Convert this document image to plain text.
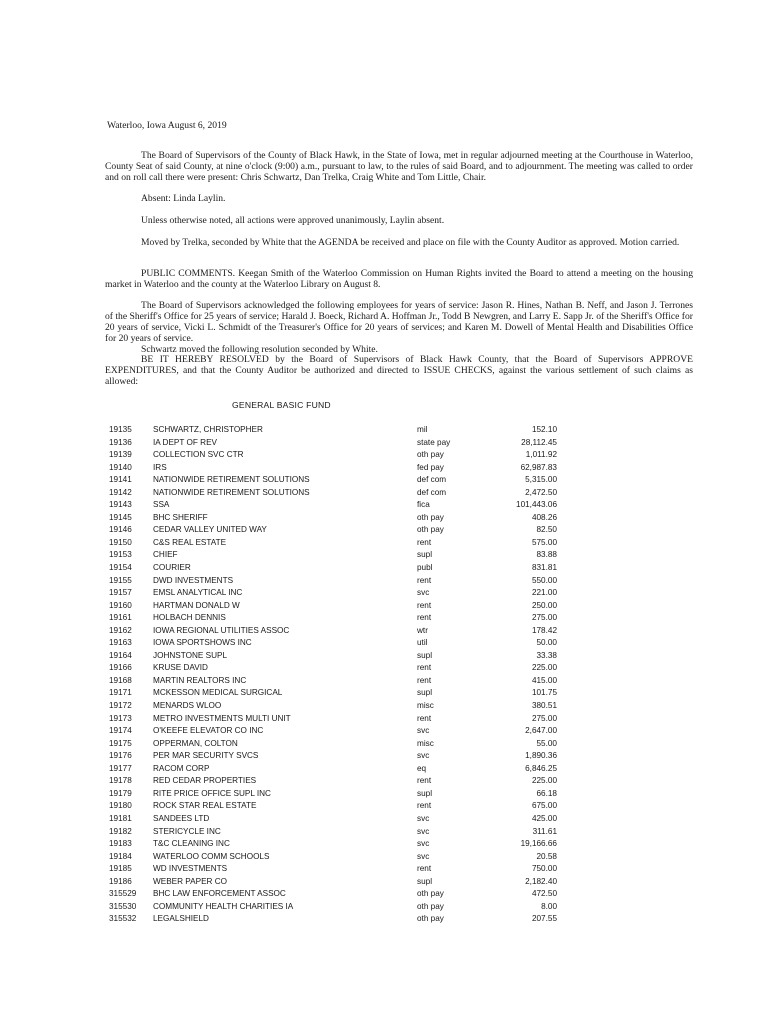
Waterloo, Iowa August 6, 2019

The Board of Supervisors of the County of Black Hawk, in the State of Iowa, met in regular adjourned meeting at the Courthouse in Waterloo, County Seat of said County, at nine o'clock (9:00) a.m., pursuant to law, to the rules of said Board, and to adjournment. The meeting was called to order and on roll call there were present: Chris Schwartz, Dan Trelka, Craig White and Tom Little, Chair.

Absent: Linda Laylin.

Unless otherwise noted, all actions were approved unanimously, Laylin absent.

Moved by Trelka, seconded by White that the AGENDA be received and place on file with the County Auditor as approved. Motion carried.

PUBLIC COMMENTS. Keegan Smith of the Waterloo Commission on Human Rights invited the Board to attend a meeting on the housing market in Waterloo and the county at the Waterloo Library on August 8.

The Board of Supervisors acknowledged the following employees for years of service: Jason R. Hines, Nathan B. Neff, and Jason J. Terrones of the Sheriff's Office for 25 years of service; Harald J. Boeck, Richard A. Hoffman Jr., Todd B Newgren, and Larry E. Sapp Jr. of the Sheriff's Office for 20 years of service, Vicki L. Schmidt of the Treasurer's Office for 20 years of services; and Karen M. Dowell of Mental Health and Disabilities Office for 20 years of service.

Schwartz moved the following resolution seconded by White.

BE IT HEREBY RESOLVED by the Board of Supervisors of Black Hawk County, that the Board of Supervisors APPROVE EXPENDITURES, and that the County Auditor be authorized and directed to ISSUE CHECKS, against the various settlement of such claims as allowed:

GENERAL BASIC FUND
19135	SCHWARTZ, CHRISTOPHER	mil	152.10
19136	IA DEPT OF REV	state pay	28,112.45
19139	COLLECTION SVC CTR	oth pay	1,011.92
19140	IRS	fed pay	62,987.83
19141	NATIONWIDE RETIREMENT SOLUTIONS	def com	5,315.00
19142	NATIONWIDE RETIREMENT SOLUTIONS	def com	2,472.50
19143	SSA	fica	101,443.06
19145	BHC SHERIFF	oth pay	408.26
19146	CEDAR VALLEY UNITED WAY	oth pay	82.50
19150	C&S REAL ESTATE	rent	575.00
19153	CHIEF	supl	83.88
19154	COURIER	publ	831.81
19155	DWD INVESTMENTS	rent	550.00
19157	EMSL ANALYTICAL INC	svc	221.00
19160	HARTMAN DONALD W	rent	250.00
19161	HOLBACH DENNIS	rent	275.00
19162	IOWA REGIONAL UTILITIES ASSOC	wtr	178.42
19163	IOWA SPORTSHOWS INC	util	50.00
19164	JOHNSTONE SUPL	supl	33.38
19166	KRUSE DAVID	rent	225.00
19168	MARTIN REALTORS INC	rent	415.00
19171	MCKESSON MEDICAL SURGICAL	supl	101.75
19172	MENARDS WLOO	misc	380.51
19173	METRO INVESTMENTS MULTI UNIT	rent	275.00
19174	O'KEEFE ELEVATOR CO INC	svc	2,647.00
19175	OPPERMAN, COLTON	misc	55.00
19176	PER MAR SECURITY SVCS	svc	1,890.36
19177	RACOM CORP	eq	6,846.25
19178	RED CEDAR PROPERTIES	rent	225.00
19179	RITE PRICE OFFICE SUPL INC	supl	66.18
19180	ROCK STAR REAL ESTATE	rent	675.00
19181	SANDEES LTD	svc	425.00
19182	STERICYCLE INC	svc	311.61
19183	T&C CLEANING INC	svc	19,166.66
19184	WATERLOO COMM SCHOOLS	svc	20.58
19185	WD INVESTMENTS	rent	750.00
19186	WEBER PAPER CO	supl	2,182.40
315529 BHC LAW ENFORCEMENT ASSOC	oth pay	472.50
315530 COMMUNITY HEALTH CHARITIES IA	oth pay	8.00
315532 LEGALSHIELD	oth pay	207.55
